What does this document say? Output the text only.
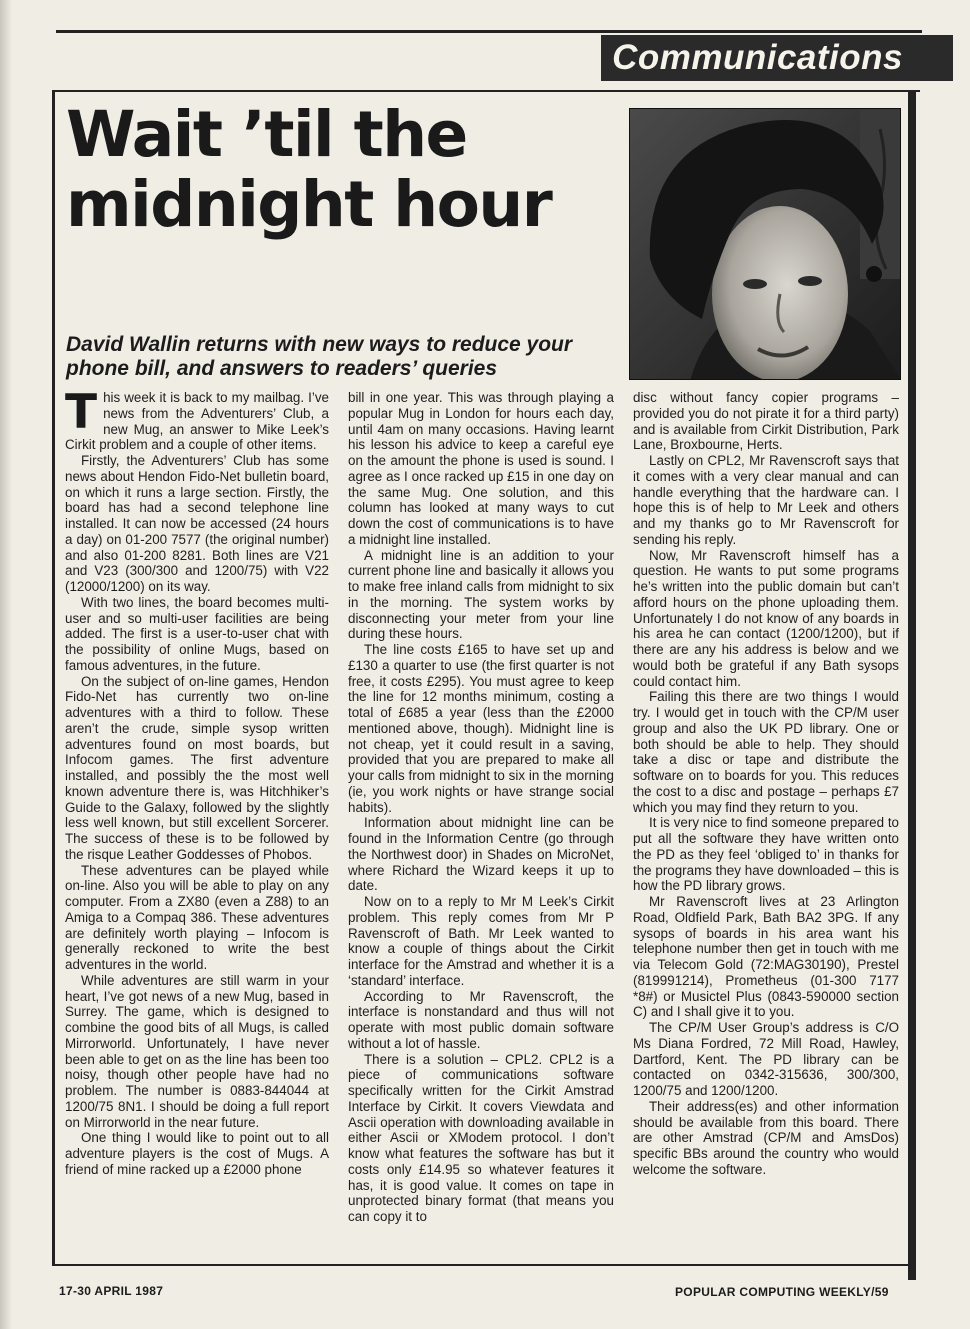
Communications
Wait ’til the
midnight hour

David Wallin returns with new ways to reduce your phone bill, and answers to readers’ queries

This week it is back to my mailbag. I’ve news from the Adventurers’ Club, a new Mug, an answer to Mike Leek’s Cirkit problem and a couple of other items.

Firstly, the Adventurers’ Club has some news about Hendon Fido-Net bulletin board, on which it runs a large section. Firstly, the board has had a second telephone line installed. It can now be accessed (24 hours a day) on 01-200 7577 (the original number) and also 01-200 8281. Both lines are V21 and V23 (300/300 and 1200/75) with V22 (12000/1200) on its way.

With two lines, the board becomes multi-user and so multi-user facilities are being added. The first is a user-to-user chat with the possibility of online Mugs, based on famous adventures, in the future.

On the subject of on-line games, Hendon Fido-Net has currently two on-line adventures with a third to follow. These aren’t the crude, simple sysop written adventures found on most boards, but Infocom games. The first adventure installed, and possibly the the most well known adventure there is, was Hitchhiker’s Guide to the Galaxy, followed by the slightly less well known, but still excellent Sorcerer. The success of these is to be followed by the risque Leather Goddesses of Phobos.

These adventures can be played while on-line. Also you will be able to play on any computer. From a ZX80 (even a Z88) to an Amiga to a Compaq 386. These adventures are definitely worth playing – Infocom is generally reckoned to write the best adventures in the world.

While adventures are still warm in your heart, I’ve got news of a new Mug, based in Surrey. The game, which is designed to combine the good bits of all Mugs, is called Mirrorworld. Unfortunately, I have never been able to get on as the line has been too noisy, though other people have had no problem. The number is 0883-844044 at 1200/75 8N1. I should be doing a full report on Mirrorworld in the near future.

One thing I would like to point out to all adventure players is the cost of Mugs. A friend of mine racked up a £2000 phone

bill in one year. This was through playing a popular Mug in London for hours each day, until 4am on many occasions. Having learnt his lesson his advice to keep a careful eye on the amount the phone is used is sound. I agree as I once racked up £15 in one day on the same Mug. One solution, and this column has looked at many ways to cut down the cost of communications is to have a midnight line installed.

A midnight line is an addition to your current phone line and basically it allows you to make free inland calls from midnight to six in the morning. The system works by disconnecting your meter from your line during these hours.

The line costs £165 to have set up and £130 a quarter to use (the first quarter is not free, it costs £295). You must agree to keep the line for 12 months minimum, costing a total of £685 a year (less than the £2000 mentioned above, though). Midnight line is not cheap, yet it could result in a saving, provided that you are prepared to make all your calls from midnight to six in the morning (ie, you work nights or have strange social habits).

Information about midnight line can be found in the Information Centre (go through the Northwest door) in Shades on MicroNet, where Richard the Wizard keeps it up to date.

Now on to a reply to Mr M Leek’s Cirkit problem. This reply comes from Mr P Ravenscroft of Bath. Mr Leek wanted to know a couple of things about the Cirkit interface for the Amstrad and whether it is a ‘standard’ interface.

According to Mr Ravenscroft, the interface is nonstandard and thus will not operate with most public domain software without a lot of hassle.

There is a solution – CPL2. CPL2 is a piece of communications software specifically written for the Cirkit Amstrad Interface by Cirkit. It covers Viewdata and Ascii operation with downloading available in either Ascii or XModem protocol. I don’t know what features the software has but it costs only £14.95 so whatever features it has, it is good value. It comes on tape in unprotected binary format (that means you can copy it to

disc without fancy copier programs – provided you do not pirate it for a third party) and is available from Cirkit Distribution, Park Lane, Broxbourne, Herts.

Lastly on CPL2, Mr Ravenscroft says that it comes with a very clear manual and can handle everything that the hardware can. I hope this is of help to Mr Leek and others and my thanks go to Mr Ravenscroft for sending his reply.

Now, Mr Ravenscroft himself has a question. He wants to put some programs he’s written into the public domain but can’t afford hours on the phone uploading them. Unfortunately I do not know of any boards in his area he can contact (1200/1200), but if there are any his address is below and we would both be grateful if any Bath sysops could contact him.

Failing this there are two things I would try. I would get in touch with the CP/M user group and also the UK PD library. One or both should be able to help. They should take a disc or tape and distribute the software on to boards for you. This reduces the cost to a disc and postage – perhaps £7 which you may find they return to you.

It is very nice to find someone prepared to put all the software they have written onto the PD as they feel ‘obliged to’ in thanks for the programs they have downloaded – this is how the PD library grows.

Mr Ravenscroft lives at 23 Arlington Road, Oldfield Park, Bath BA2 3PG. If any sysops of boards in his area want his telephone number then get in touch with me via Telecom Gold (72:MAG30190), Prestel (819991214), Prometheus (01-300 7177 *8#) or Musictel Plus (0843-590000 section C) and I shall give it to you.

The CP/M User Group’s address is C/O Ms Diana Fordred, 72 Mill Road, Hawley, Dartford, Kent. The PD library can be contacted on 0342-315636, 300/300, 1200/75 and 1200/1200.

Their address(es) and other information should be available from this board. There are other Amstrad (CP/M and AmsDos) specific BBs around the country who would welcome the software.

17-30 APRIL 1987	POPULAR COMPUTING WEEKLY/59
